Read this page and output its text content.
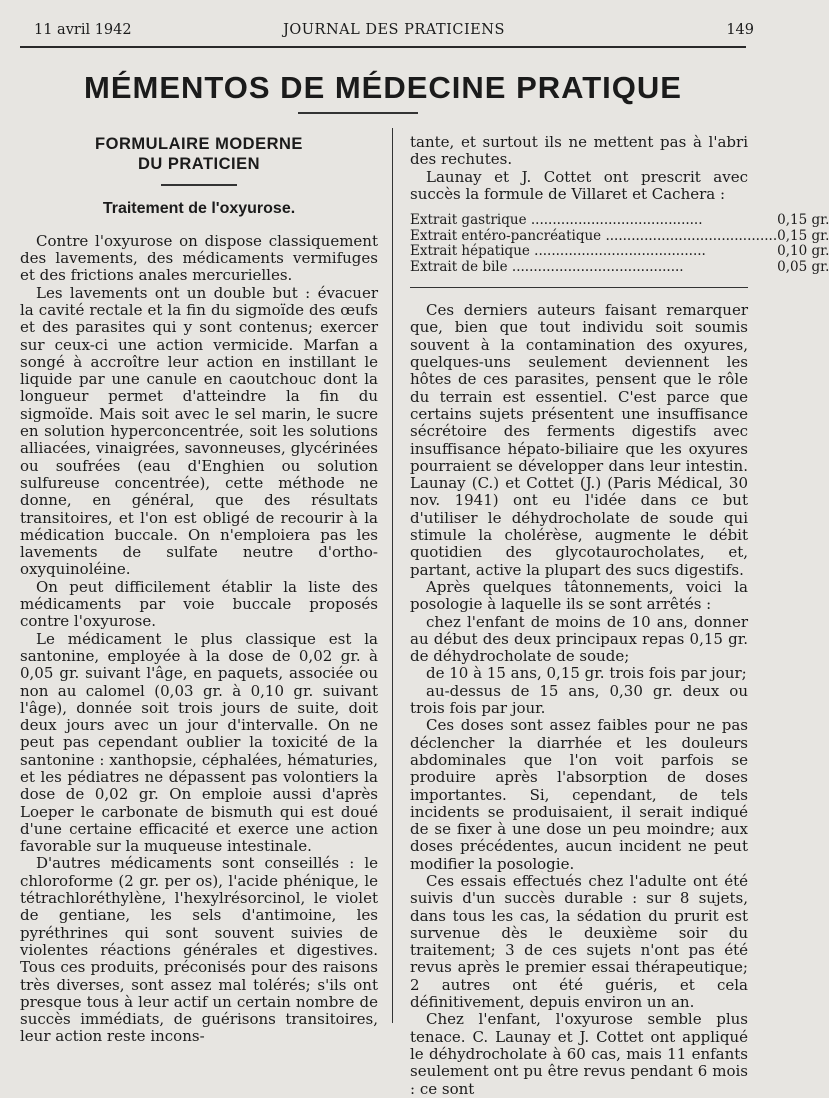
11 avril 1942	JOURNAL DES PRATICIENS	149
MÉMENTOS DE MÉDECINE PRATIQUE
FORMULAIRE MODERNE
DU PRATICIEN
Traitement de l'oxyurose.

Contre l'oxyurose on dispose classiquement des lavements, des médicaments vermifuges et des frictions anales mercurielles.

Les lavements ont un double but : évacuer la cavité rectale et la fin du sigmoïde des œufs et des parasites qui y sont contenus; exercer sur ceux-ci une action vermicide. Marfan a songé à accroître leur action en instillant le liquide par une canule en caoutchouc dont la longueur permet d'atteindre la fin du sigmoïde. Mais soit avec le sel marin, le sucre en solution hyperconcentrée, soit les solutions alliacées, vinaigrées, savonneuses, glycérinées ou soufrées (eau d'Enghien ou solution sulfureuse concentrée), cette méthode ne donne, en général, que des résultats transitoires, et l'on est obligé de recourir à la médication buccale. On n'emploiera pas les lavements de sulfate neutre d'ortho-oxyquinoléine.

On peut difficilement établir la liste des médicaments par voie buccale proposés contre l'oxyurose.

Le médicament le plus classique est la santonine, employée à la dose de 0,02 gr. à 0,05 gr. suivant l'âge, en paquets, associée ou non au calomel (0,03 gr. à 0,10 gr. suivant l'âge), donnée soit trois jours de suite, doit deux jours avec un jour d'intervalle. On ne peut pas cependant oublier la toxicité de la santonine : xanthopsie, céphalées, hématuries, et les pédiatres ne dépassent pas volontiers la dose de 0,02 gr. On emploie aussi d'après Loeper le carbonate de bismuth qui est doué d'une certaine efficacité et exerce une action favorable sur la muqueuse intestinale.

D'autres médicaments sont conseillés : le chloroforme (2 gr. per os), l'acide phénique, le tétrachloréthylène, l'hexylrésorcinol, le violet de gentiane, les sels d'antimoine, les pyréthrines qui sont souvent suivies de violentes réactions générales et digestives. Tous ces produits, préconisés pour des raisons très diverses, sont assez mal tolérés; s'ils ont presque tous à leur actif un certain nombre de succès immédiats, de guérisons transitoires, leur action reste incons-

tante, et surtout ils ne mettent pas à l'abri des rechutes.

Launay et J. Cottet ont prescrit avec succès la formule de Villaret et Cachera :

Extrait gastrique ........................................	0,15 gr.
Extrait entéro-pancréatique ........................................	0,15 gr.
Extrait hépatique ........................................	0,10 gr.
Extrait de bile ........................................	0,05 gr.

Ces derniers auteurs faisant remarquer que, bien que tout individu soit soumis souvent à la contamination des oxyures, quelques-uns seulement deviennent les hôtes de ces parasites, pensent que le rôle du terrain est essentiel. C'est parce que certains sujets présentent une insuffisance sécrétoire des ferments digestifs avec insuffisance hépato-biliaire que les oxyures pourraient se développer dans leur intestin. Launay (C.) et Cottet (J.) (Paris Médical, 30 nov. 1941) ont eu l'idée dans ce but d'utiliser le déhydrocholate de soude qui stimule la cholérèse, augmente le débit quotidien des glycotaurocholates, et, partant, active la plupart des sucs digestifs.

Après quelques tâtonnements, voici la posologie à laquelle ils se sont arrêtés :

chez l'enfant de moins de 10 ans, donner au début des deux principaux repas 0,15 gr. de déhydrocholate de soude;

de 10 à 15 ans, 0,15 gr. trois fois par jour;

au-dessus de 15 ans, 0,30 gr. deux ou trois fois par jour.

Ces doses sont assez faibles pour ne pas déclencher la diarrhée et les douleurs abdominales que l'on voit parfois se produire après l'absorption de doses importantes. Si, cependant, de tels incidents se produisaient, il serait indiqué de se fixer à une dose un peu moindre; aux doses précédentes, aucun incident ne peut modifier la posologie.

Ces essais effectués chez l'adulte ont été suivis d'un succès durable : sur 8 sujets, dans tous les cas, la sédation du prurit est survenue dès le deuxième soir du traitement; 3 de ces sujets n'ont pas été revus après le premier essai thérapeutique; 2 autres ont été guéris, et cela définitivement, depuis environ un an.

Chez l'enfant, l'oxyurose semble plus tenace. C. Launay et J. Cottet ont appliqué le déhydrocholate à 60 cas, mais 11 enfants seulement ont pu être revus pendant 6 mois : ce sont
